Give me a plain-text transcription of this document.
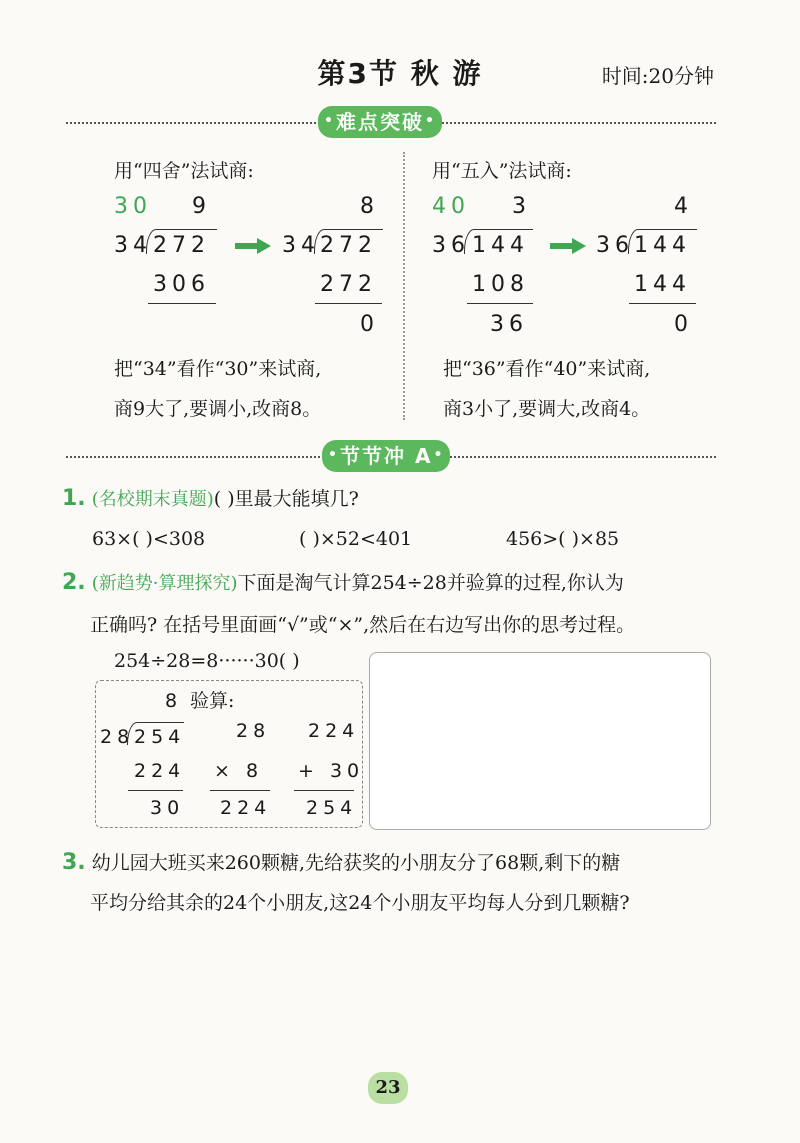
第3节 秋 游	时间:20分钟
• 难点突破 •
用“四舍”法试商:
30 9
34 272
306
8
34 272
272
0
把“34”看作“30”来试商,
商9大了,要调小,改商8。
用“五入”法试商:
40 3
36 144
108
36
4
36 144
144
0
把“36”看作“40”来试商,
商3小了,要调大,改商4。
• 节节冲 A •
1. (名校期末真题)( )里最大能填几?
63×( )<308	( )×52<401	456>( )×85
2. (新趋势·算理探究)下面是淘气计算254÷28并验算的过程,你认为
正确吗? 在括号里面画“√”或“×”,然后在右边写出你的思考过程。
254÷28=8······30( )
8 验算:
28 254
224
30
28
× 8
224
224
+ 30
254
3. 幼儿园大班买来260颗糖,先给获奖的小朋友分了68颗,剩下的糖
平均分给其余的24个小朋友,这24个小朋友平均每人分到几颗糖?
23
